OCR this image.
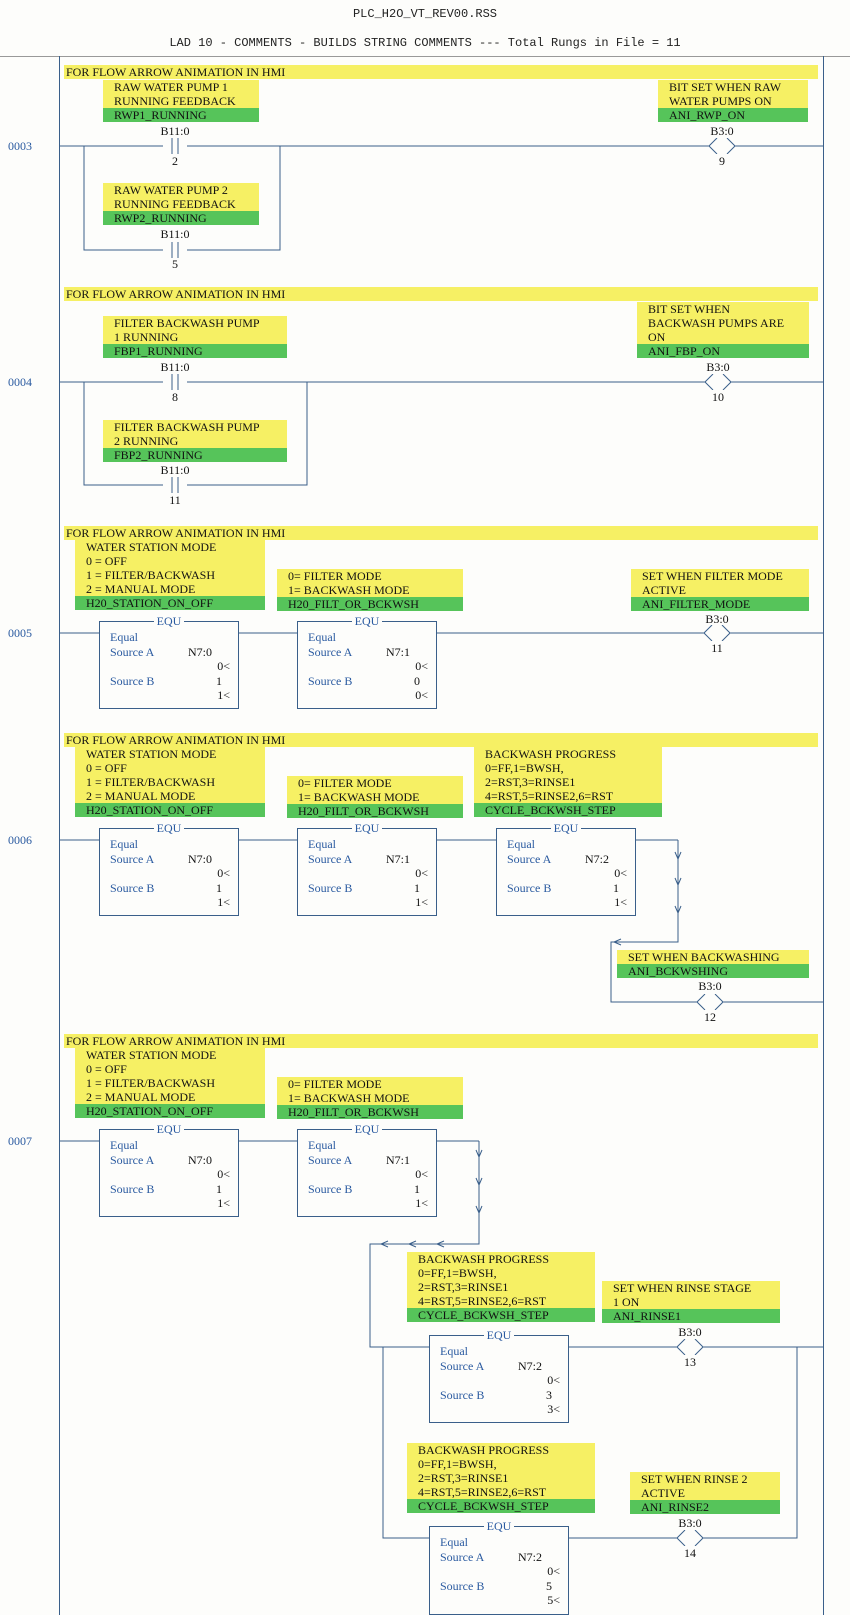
PLC_H2O_VT_REV00.RSS
LAD 10 - COMMENTS - BUILDS STRING COMMENTS --- Total Rungs in File = 11
0003
FOR FLOW ARROW ANIMATION IN HMI
RAW WATER PUMP 1
RUNNING FEEDBACK
RWP1_RUNNING
B11:0
2
RAW WATER PUMP 2
RUNNING FEEDBACK
RWP2_RUNNING
B11:0
5
BIT SET WHEN RAW
WATER PUMPS ON
ANI_RWP_ON
B3:0
9
0004
FOR FLOW ARROW ANIMATION IN HMI
FILTER BACKWASH PUMP
1 RUNNING
FBP1_RUNNING
B11:0
8
FILTER BACKWASH PUMP
2 RUNNING
FBP2_RUNNING
B11:0
11
BIT SET WHEN
BACKWASH PUMPS ARE
ON
ANI_FBP_ON
B3:0
10
0005
FOR FLOW ARROW ANIMATION IN HMI
WATER STATION MODE
0 = OFF
1 = FILTER/BACKWASH
2 = MANUAL MODE
H20_STATION_ON_OFF
EQU
Equal
Source A	N7:0
0<
Source B	1
1<
0= FILTER MODE
1= BACKWASH MODE
H20_FILT_OR_BCKWSH
EQU
Equal
Source A	N7:1
0<
Source B	0
0<
SET WHEN FILTER MODE
ACTIVE
ANI_FILTER_MODE
B3:0
11
0006
FOR FLOW ARROW ANIMATION IN HMI
WATER STATION MODE
0 = OFF
1 = FILTER/BACKWASH
2 = MANUAL MODE
H20_STATION_ON_OFF
EQU
Equal
Source A	N7:0
0<
Source B	1
1<
0= FILTER MODE
1= BACKWASH MODE
H20_FILT_OR_BCKWSH
EQU
Equal
Source A	N7:1
0<
Source B	1
1<
BACKWASH PROGRESS
0=FF,1=BWSH,
2=RST,3=RINSE1
4=RST,5=RINSE2,6=RST
CYCLE_BCKWSH_STEP
EQU
Equal
Source A	N7:2
0<
Source B	1
1<
SET WHEN BACKWASHING
ANI_BCKWSHING
B3:0
12
0007
FOR FLOW ARROW ANIMATION IN HMI
WATER STATION MODE
0 = OFF
1 = FILTER/BACKWASH
2 = MANUAL MODE
H20_STATION_ON_OFF
EQU
Equal
Source A	N7:0
0<
Source B	1
1<
0= FILTER MODE
1= BACKWASH MODE
H20_FILT_OR_BCKWSH
EQU
Equal
Source A	N7:1
0<
Source B	1
1<
BACKWASH PROGRESS
0=FF,1=BWSH,
2=RST,3=RINSE1
4=RST,5=RINSE2,6=RST
CYCLE_BCKWSH_STEP
EQU
Equal
Source A	N7:2
0<
Source B	3
3<
SET WHEN RINSE STAGE
1 ON
ANI_RINSE1
B3:0
13
BACKWASH PROGRESS
0=FF,1=BWSH,
2=RST,3=RINSE1
4=RST,5=RINSE2,6=RST
CYCLE_BCKWSH_STEP
EQU
Equal
Source A	N7:2
0<
Source B	5
5<
SET WHEN RINSE 2
ACTIVE
ANI_RINSE2
B3:0
14
